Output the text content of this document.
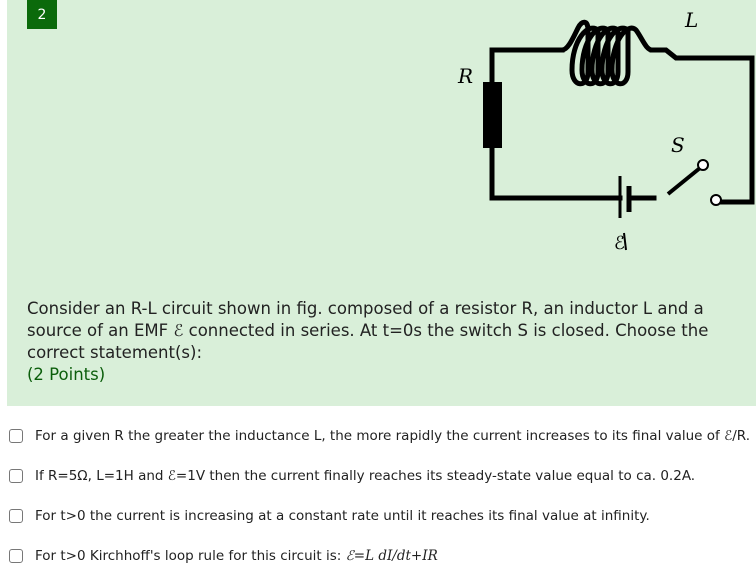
2
R
L
S
ℰ
Consider an R-L circuit shown in fig. composed of a resistor R, an inductor L and a source of an EMF ℰ connected in series. At t=0s the switch S is closed. Choose the correct statement(s):
(2 Points)
For a given R the greater the inductance L, the more rapidly the current increases to its final value of ℰ/R.
If R=5Ω, L=1H and ℰ=1V then the current finally reaches its steady-state value equal to ca. 0.2A.
For t>0 the current is increasing at a constant rate until it reaches its final value at infinity.
For t>0 Kirchhoff's loop rule for this circuit is: ℰ=L dI/dt+IR
